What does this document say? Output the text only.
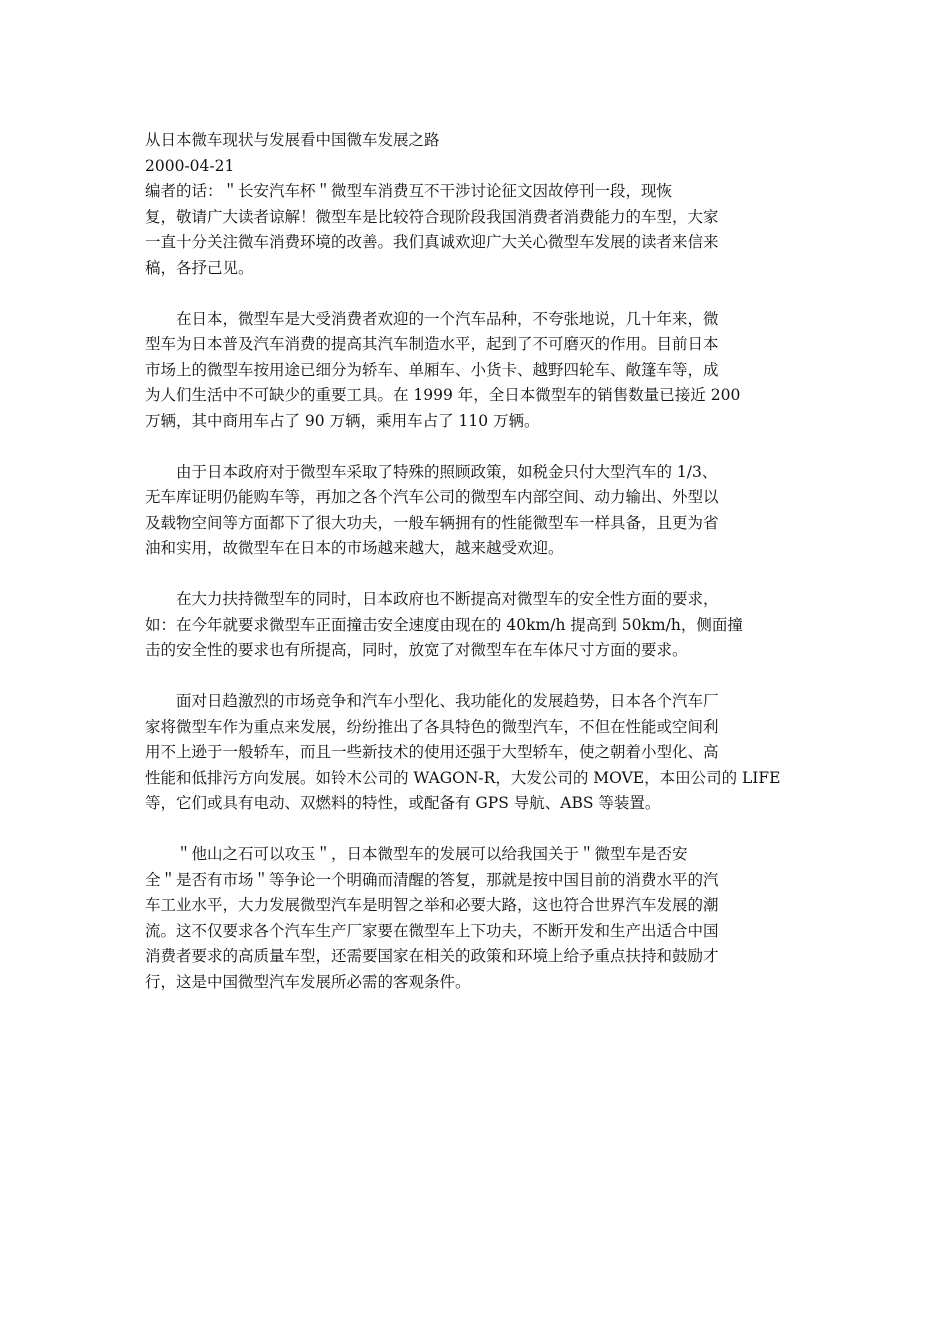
从日本微车现状与发展看中国微车发展之路
2000-04-21
编者的话：＂长安汽车杯＂微型车消费互不干涉讨论征文因故停刊一段，现恢
复，敬请广大读者谅解！微型车是比较符合现阶段我国消费者消费能力的车型，大家
一直十分关注微车消费环境的改善。我们真诚欢迎广大关心微型车发展的读者来信来
稿，各抒己见。
在日本，微型车是大受消费者欢迎的一个汽车品种，不夸张地说，几十年来，微
型车为日本普及汽车消费的提高其汽车制造水平，起到了不可磨灭的作用。目前日本
市场上的微型车按用途已细分为轿车、单厢车、小货卡、越野四轮车、敞篷车等，成
为人们生活中不可缺少的重要工具。在 1999 年，全日本微型车的销售数量已接近 200
万辆，其中商用车占了 90 万辆，乘用车占了 110 万辆。
由于日本政府对于微型车采取了特殊的照顾政策，如税金只付大型汽车的 1/3、
无车库证明仍能购车等，再加之各个汽车公司的微型车内部空间、动力输出、外型以
及载物空间等方面都下了很大功夫，一般车辆拥有的性能微型车一样具备，且更为省
油和实用，故微型车在日本的市场越来越大，越来越受欢迎。
在大力扶持微型车的同时，日本政府也不断提高对微型车的安全性方面的要求，
如：在今年就要求微型车正面撞击安全速度由现在的 40km/h 提高到 50km/h，侧面撞
击的安全性的要求也有所提高，同时，放宽了对微型车在车体尺寸方面的要求。
面对日趋激烈的市场竞争和汽车小型化、我功能化的发展趋势，日本各个汽车厂
家将微型车作为重点来发展，纷纷推出了各具特色的微型汽车，不但在性能或空间利
用不上逊于一般轿车，而且一些新技术的使用还强于大型轿车，使之朝着小型化、高
性能和低排污方向发展。如铃木公司的 WAGON-R，大发公司的 MOVE，本田公司的 LIFE
等，它们或具有电动、双燃料的特性，或配备有 GPS 导航、ABS 等装置。
＂他山之石可以攻玉＂，日本微型车的发展可以给我国关于＂微型车是否安
全＂是否有市场＂等争论一个明确而清醒的答复，那就是按中国目前的消费水平的汽
车工业水平，大力发展微型汽车是明智之举和必要大路，这也符合世界汽车发展的潮
流。这不仅要求各个汽车生产厂家要在微型车上下功夫，不断开发和生产出适合中国
消费者要求的高质量车型，还需要国家在相关的政策和环境上给予重点扶持和鼓励才
行，这是中国微型汽车发展所必需的客观条件。
